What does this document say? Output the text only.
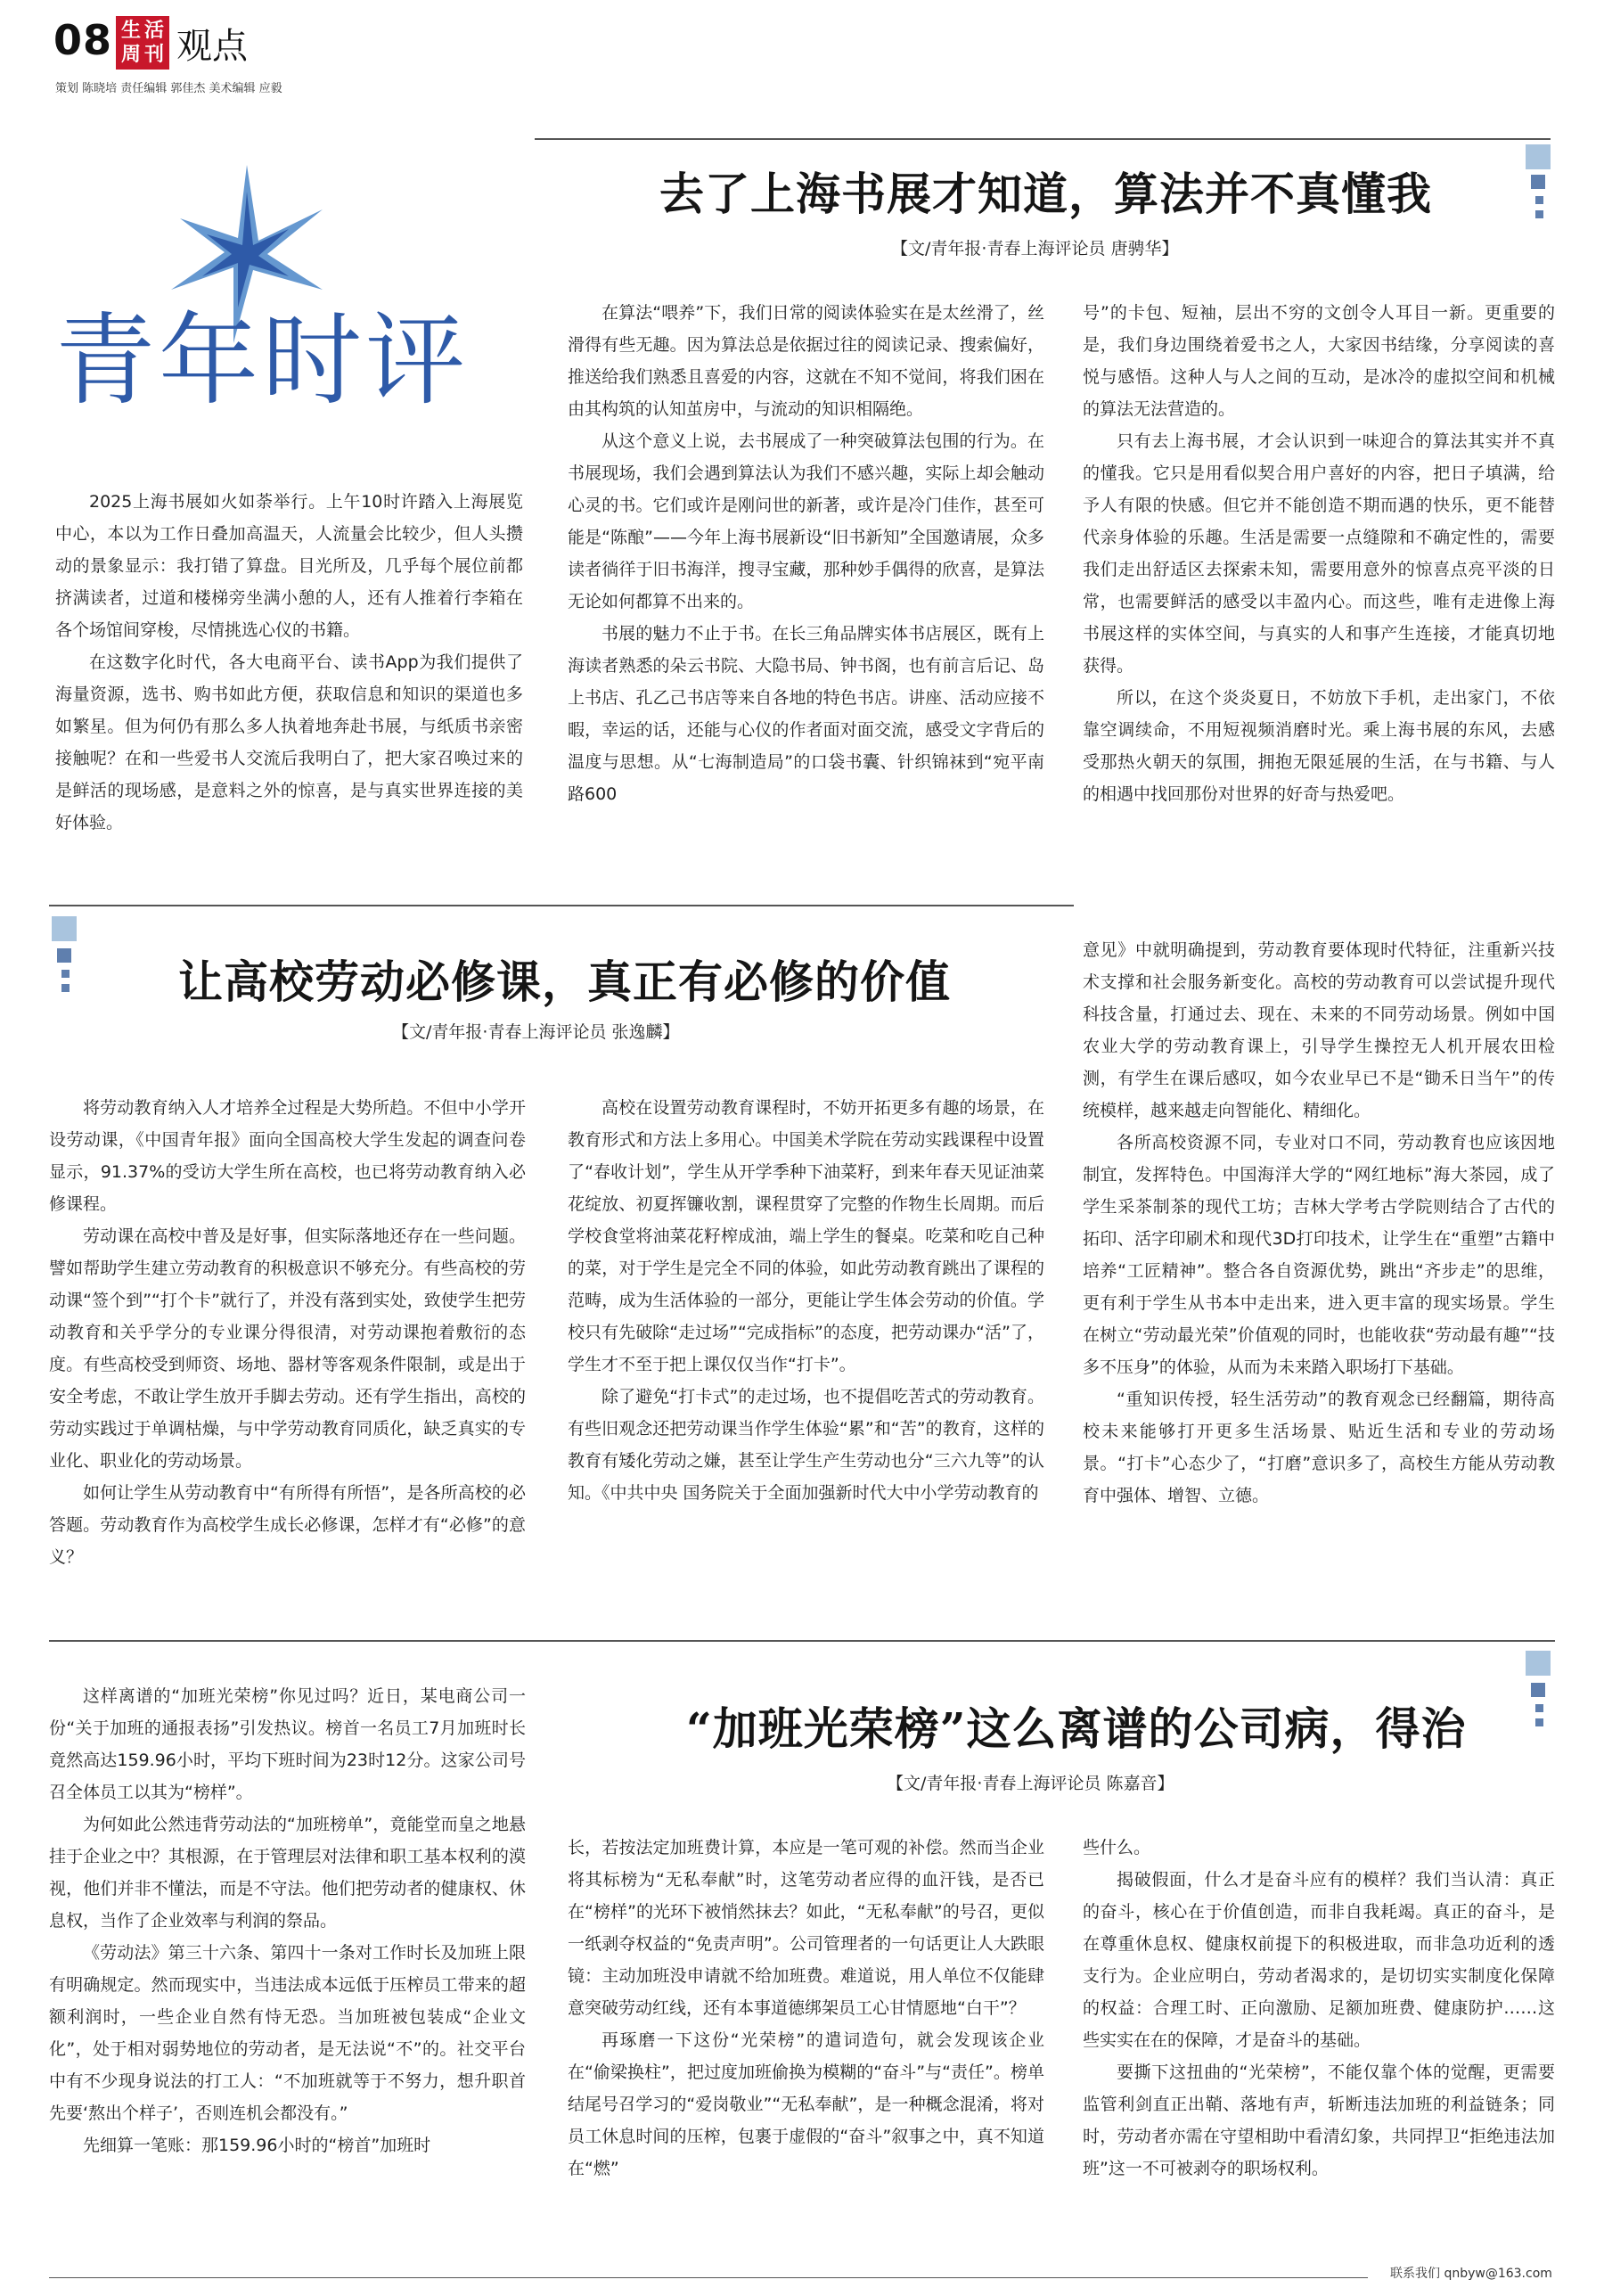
08 生 活
周 刊 观点
策划 陈晓培 责任编辑 郭佳杰 美术编辑 应毅
青年时评
去了上海书展才知道，算法并不真懂我
【文/青年报·青春上海评论员 唐骋华】

2025上海书展如火如荼举行。上午10时许踏入上海展览中心，本以为工作日叠加高温天，人流量会比较少，但人头攒动的景象显示：我打错了算盘。目光所及，几乎每个展位前都挤满读者，过道和楼梯旁坐满小憩的人，还有人推着行李箱在各个场馆间穿梭，尽情挑选心仪的书籍。

在这数字化时代，各大电商平台、读书App为我们提供了海量资源，选书、购书如此方便，获取信息和知识的渠道也多如繁星。但为何仍有那么多人执着地奔赴书展，与纸质书亲密接触呢？在和一些爱书人交流后我明白了，把大家召唤过来的是鲜活的现场感，是意料之外的惊喜，是与真实世界连接的美好体验。

在算法“喂养”下，我们日常的阅读体验实在是太丝滑了，丝滑得有些无趣。因为算法总是依据过往的阅读记录、搜索偏好，推送给我们熟悉且喜爱的内容，这就在不知不觉间，将我们困在由其构筑的认知茧房中，与流动的知识相隔绝。

从这个意义上说，去书展成了一种突破算法包围的行为。在书展现场，我们会遇到算法认为我们不感兴趣，实际上却会触动心灵的书。它们或许是刚问世的新著，或许是冷门佳作，甚至可能是“陈酿”——今年上海书展新设“旧书新知”全国邀请展，众多读者徜徉于旧书海洋，搜寻宝藏，那种妙手偶得的欣喜，是算法无论如何都算不出来的。

书展的魅力不止于书。在长三角品牌实体书店展区，既有上海读者熟悉的朵云书院、大隐书局、钟书阁，也有前言后记、岛上书店、孔乙己书店等来自各地的特色书店。讲座、活动应接不暇，幸运的话，还能与心仪的作者面对面交流，感受文字背后的温度与思想。从“七海制造局”的口袋书囊、针织锦袜到“宛平南路600

号”的卡包、短袖，层出不穷的文创令人耳目一新。更重要的是，我们身边围绕着爱书之人，大家因书结缘，分享阅读的喜悦与感悟。这种人与人之间的互动，是冰冷的虚拟空间和机械的算法无法营造的。

只有去上海书展，才会认识到一味迎合的算法其实并不真的懂我。它只是用看似契合用户喜好的内容，把日子填满，给予人有限的快感。但它并不能创造不期而遇的快乐，更不能替代亲身体验的乐趣。生活是需要一点缝隙和不确定性的，需要我们走出舒适区去探索未知，需要用意外的惊喜点亮平淡的日常，也需要鲜活的感受以丰盈内心。而这些，唯有走进像上海书展这样的实体空间，与真实的人和事产生连接，才能真切地获得。

所以，在这个炎炎夏日，不妨放下手机，走出家门，不依靠空调续命，不用短视频消磨时光。乘上海书展的东风，去感受那热火朝天的氛围，拥抱无限延展的生活，在与书籍、与人的相遇中找回那份对世界的好奇与热爱吧。

让高校劳动必修课，真正有必修的价值
【文/青年报·青春上海评论员 张逸麟】

将劳动教育纳入人才培养全过程是大势所趋。不但中小学开设劳动课，《中国青年报》面向全国高校大学生发起的调查问卷显示，91.37%的受访大学生所在高校，也已将劳动教育纳入必修课程。

劳动课在高校中普及是好事，但实际落地还存在一些问题。譬如帮助学生建立劳动教育的积极意识不够充分。有些高校的劳动课“签个到”“打个卡”就行了，并没有落到实处，致使学生把劳动教育和关乎学分的专业课分得很清，对劳动课抱着敷衍的态度。有些高校受到师资、场地、器材等客观条件限制，或是出于安全考虑，不敢让学生放开手脚去劳动。还有学生指出，高校的劳动实践过于单调枯燥，与中学劳动教育同质化，缺乏真实的专业化、职业化的劳动场景。

如何让学生从劳动教育中“有所得有所悟”，是各所高校的必答题。劳动教育作为高校学生成长必修课，怎样才有“必修”的意义？

高校在设置劳动教育课程时，不妨开拓更多有趣的场景，在教育形式和方法上多用心。中国美术学院在劳动实践课程中设置了“春收计划”，学生从开学季种下油菜籽，到来年春天见证油菜花绽放、初夏挥镰收割，课程贯穿了完整的作物生长周期。而后学校食堂将油菜花籽榨成油，端上学生的餐桌。吃菜和吃自己种的菜，对于学生是完全不同的体验，如此劳动教育跳出了课程的范畴，成为生活体验的一部分，更能让学生体会劳动的价值。学校只有先破除“走过场”“完成指标”的态度，把劳动课办“活”了，学生才不至于把上课仅仅当作“打卡”。

除了避免“打卡式”的走过场，也不提倡吃苦式的劳动教育。有些旧观念还把劳动课当作学生体验“累”和“苦”的教育，这样的教育有矮化劳动之嫌，甚至让学生产生劳动也分“三六九等”的认知。《中共中央 国务院关于全面加强新时代大中小学劳动教育的

意见》中就明确提到，劳动教育要体现时代特征，注重新兴技术支撑和社会服务新变化。高校的劳动教育可以尝试提升现代科技含量，打通过去、现在、未来的不同劳动场景。例如中国农业大学的劳动教育课上，引导学生操控无人机开展农田检测，有学生在课后感叹，如今农业早已不是“锄禾日当午”的传统模样，越来越走向智能化、精细化。

各所高校资源不同，专业对口不同，劳动教育也应该因地制宜，发挥特色。中国海洋大学的“网红地标”海大茶园，成了学生采茶制茶的现代工坊；吉林大学考古学院则结合了古代的拓印、活字印刷术和现代3D打印技术，让学生在“重塑”古籍中培养“工匠精神”。整合各自资源优势，跳出“齐步走”的思维，更有利于学生从书本中走出来，进入更丰富的现实场景。学生在树立“劳动最光荣”价值观的同时，也能收获“劳动最有趣”“技多不压身”的体验，从而为未来踏入职场打下基础。

“重知识传授，轻生活劳动”的教育观念已经翻篇，期待高校未来能够打开更多生活场景、贴近生活和专业的劳动场景。“打卡”心态少了，“打磨”意识多了，高校生方能从劳动教育中强体、增智、立德。

“加班光荣榜”这么离谱的公司病，得治
【文/青年报·青春上海评论员 陈嘉音】

这样离谱的“加班光荣榜”你见过吗？近日，某电商公司一份“关于加班的通报表扬”引发热议。榜首一名员工7月加班时长竟然高达159.96小时，平均下班时间为23时12分。这家公司号召全体员工以其为“榜样”。

为何如此公然违背劳动法的“加班榜单”，竟能堂而皇之地悬挂于企业之中？其根源，在于管理层对法律和职工基本权利的漠视，他们并非不懂法，而是不守法。他们把劳动者的健康权、休息权，当作了企业效率与利润的祭品。

《劳动法》第三十六条、第四十一条对工作时长及加班上限有明确规定。然而现实中，当违法成本远低于压榨员工带来的超额利润时，一些企业自然有恃无恐。当加班被包装成“企业文化”，处于相对弱势地位的劳动者，是无法说“不”的。社交平台中有不少现身说法的打工人：“不加班就等于不努力，想升职首先要‘熬出个样子’，否则连机会都没有。”

先细算一笔账：那159.96小时的“榜首”加班时

长，若按法定加班费计算，本应是一笔可观的补偿。然而当企业将其标榜为“无私奉献”时，这笔劳动者应得的血汗钱，是否已在“榜样”的光环下被悄然抹去？如此，“无私奉献”的号召，更似一纸剥夺权益的“免责声明”。公司管理者的一句话更让人大跌眼镜：主动加班没申请就不给加班费。难道说，用人单位不仅能肆意突破劳动红线，还有本事道德绑架员工心甘情愿地“白干”？

再琢磨一下这份“光荣榜”的遣词造句，就会发现该企业在“偷梁换柱”，把过度加班偷换为模糊的“奋斗”与“责任”。榜单结尾号召学习的“爱岗敬业”“无私奉献”，是一种概念混淆，将对员工休息时间的压榨，包裹于虚假的“奋斗”叙事之中，真不知道在“燃”

些什么。

揭破假面，什么才是奋斗应有的模样？我们当认清：真正的奋斗，核心在于价值创造，而非自我耗竭。真正的奋斗，是在尊重休息权、健康权前提下的积极进取，而非急功近利的透支行为。企业应明白，劳动者渴求的，是切切实实制度化保障的权益：合理工时、正向激励、足额加班费、健康防护……这些实实在在的保障，才是奋斗的基础。

要撕下这扭曲的“光荣榜”，不能仅靠个体的觉醒，更需要监管利剑直正出鞘、落地有声，斩断违法加班的利益链条；同时，劳动者亦需在守望相助中看清幻象，共同捍卫“拒绝违法加班”这一不可被剥夺的职场权利。

联系我们 qnbyw@163.com
